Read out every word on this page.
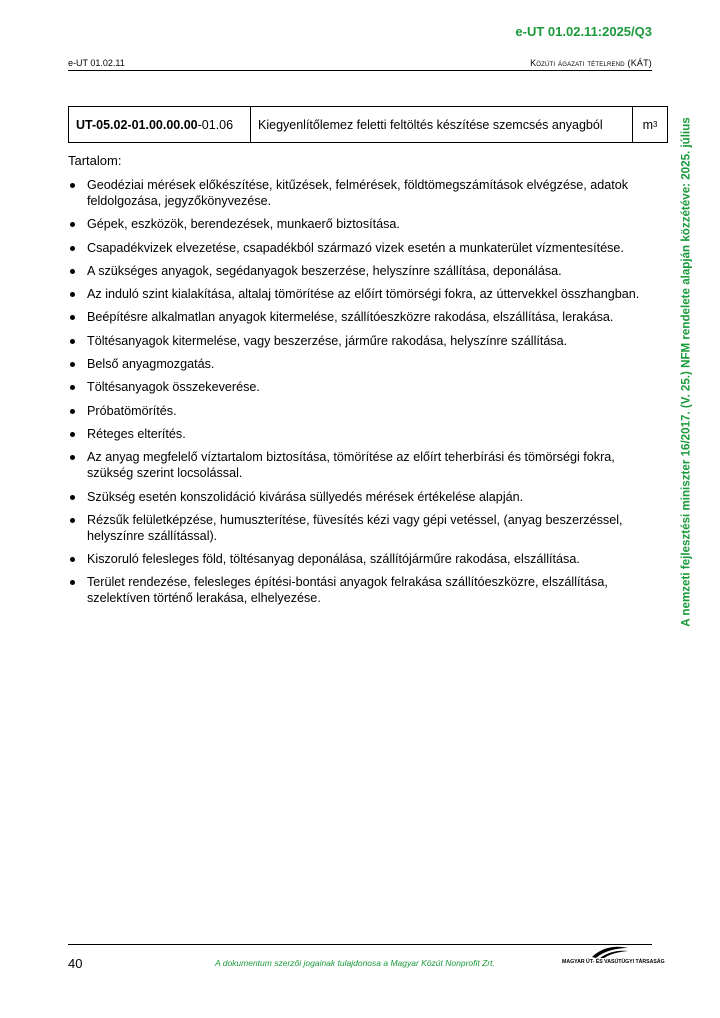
e-UT 01.02.11:2025/Q3
e-UT 01.02.11	Közúti ágazati tételrend (KÁT)
UT-05.02-01.00.00.00 -01.06 Kiegyenlítőlemez feletti feltöltés készítése szemcsés anyagból	m 3
Tartalom:
Geodéziai mérések előkészítése, kitűzések, felmérések, földtömegszámítások elvégzése, adatok feldolgozása, jegyzőkönyvezése.
Gépek, eszközök, berendezések, munkaerő biztosítása.
Csapadékvizek elvezetése, csapadékból származó vizek esetén a munkaterület vízmentesítése.
A szükséges anyagok, segédanyagok beszerzése, helyszínre szállítása, deponálása.
Az induló szint kialakítása, altalaj tömörítése az előírt tömörségi fokra, az úttervekkel összhangban.
Beépítésre alkalmatlan anyagok kitermelése, szállítóeszközre rakodása, elszállítása, lerakása.
Töltésanyagok kitermelése, vagy beszerzése, járműre rakodása, helyszínre szállítása.
Belső anyagmozgatás.
Töltésanyagok összekeverése.
Próbatömörítés.
Réteges elterítés.
Az anyag megfelelő víztartalom biztosítása, tömörítése az előírt teherbírási és tömörségi fokra, szükség szerint locsolással.
Szükség esetén konszolidáció kivárása süllyedés mérések értékelése alapján.
Rézsűk felületképzése, humuszterítése, füvesítés kézi vagy gépi vetéssel, (anyag beszerzéssel, helyszínre szállítással).
Kiszoruló felesleges föld, töltésanyag deponálása, szállítójárműre rakodása, elszállítása.
Terület rendezése, felesleges építési-bontási anyagok felrakása szállítóeszközre, elszállítása, szelektíven történő lerakása, elhelyezése.	A nemzeti fejlesztési miniszter 16/2017. (V. 25.) NFM rendelete alapján közzétéve: 2025. július
40	A dokumentum szerzői jogainak tulajdonosa a Magyar Közút Nonprofit Zrt.	MAGYAR ÚT- ÉS VASÚTÜGYI TÁRSASÁG
